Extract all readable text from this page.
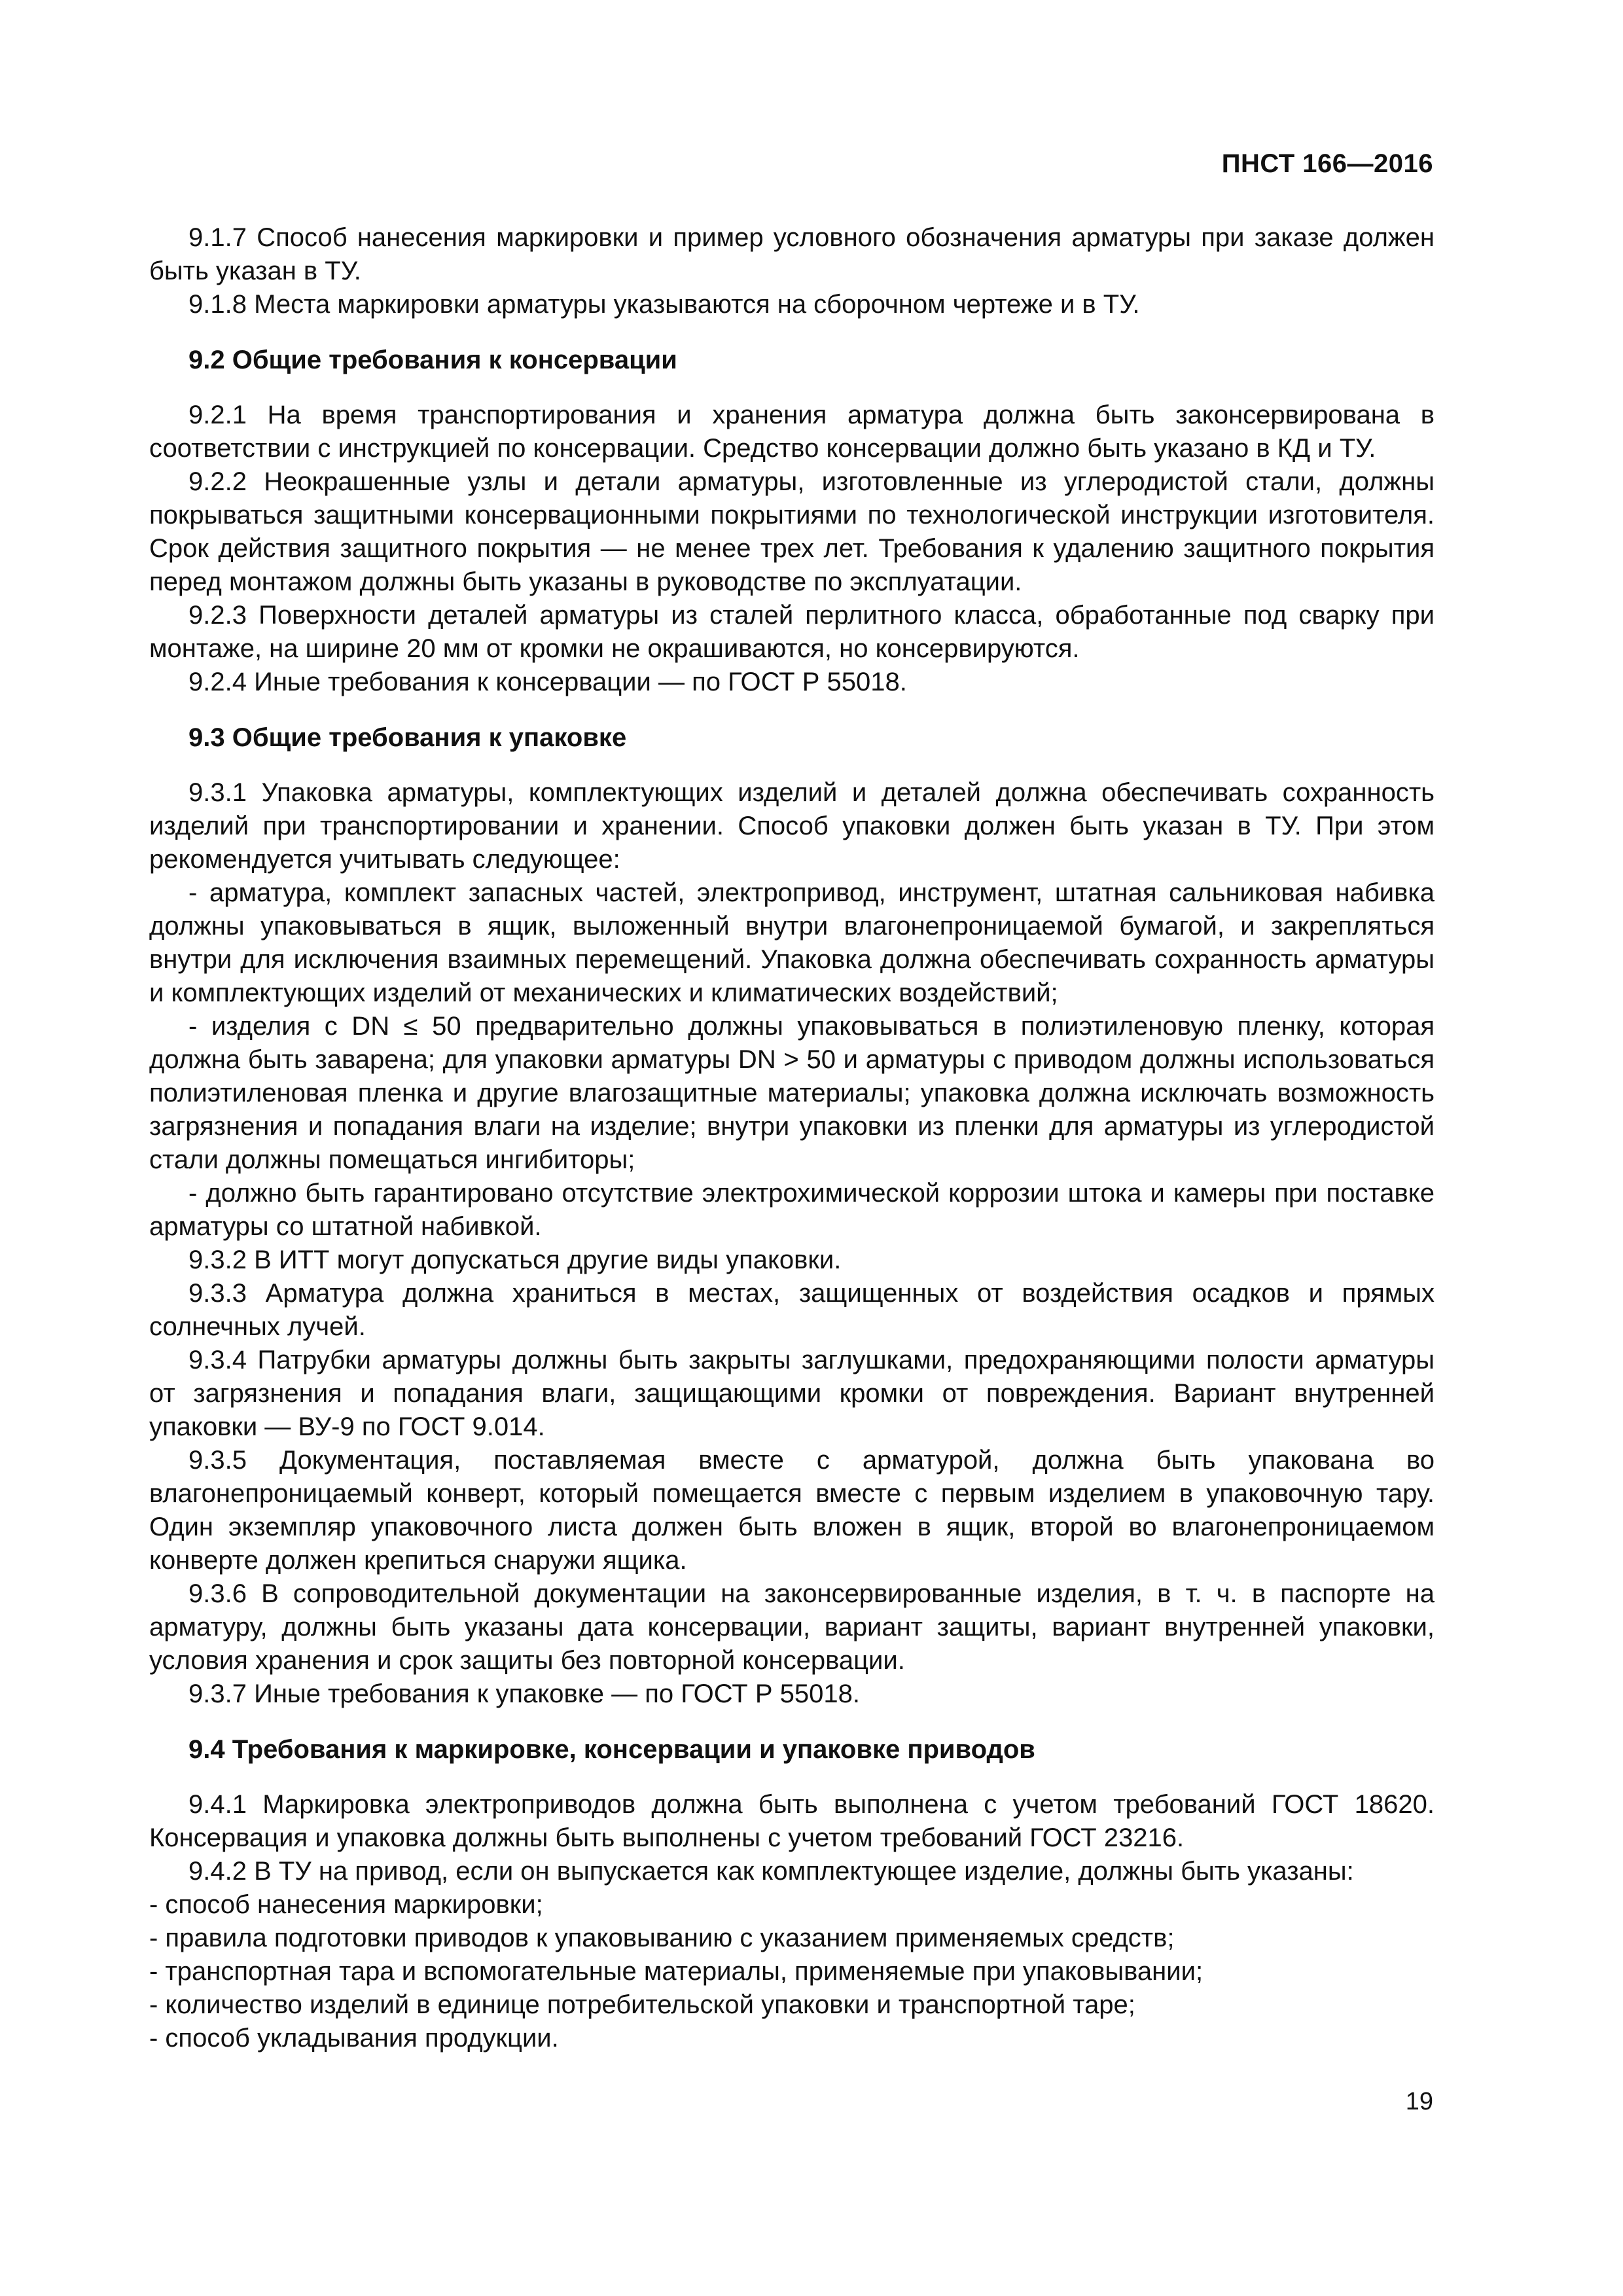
ПНСТ 166—2016

9.1.7 Способ нанесения маркировки и пример условного обозначения арматуры при заказе должен быть указан в ТУ.

9.1.8 Места маркировки арматуры указываются на сборочном чертеже и в ТУ.

9.2 Общие требования к консервации

9.2.1 На время транспортирования и хранения арматура должна быть законсервирована в соответствии с инструкцией по консервации. Средство консервации должно быть указано в КД и ТУ.

9.2.2 Неокрашенные узлы и детали арматуры, изготовленные из углеродистой стали, должны покрываться защитными консервационными покрытиями по технологической инструкции изготовителя. Срок действия защитного покрытия — не менее трех лет. Требования к удалению защитного покрытия перед монтажом должны быть указаны в руководстве по эксплуатации.

9.2.3 Поверхности деталей арматуры из сталей перлитного класса, обработанные под сварку при монтаже, на ширине 20 мм от кромки не окрашиваются, но консервируются.

9.2.4 Иные требования к консервации — по ГОСТ Р 55018.

9.3 Общие требования к упаковке

9.3.1 Упаковка арматуры, комплектующих изделий и деталей должна обеспечивать сохранность изделий при транспортировании и хранении. Способ упаковки должен быть указан в ТУ. При этом рекомендуется учитывать следующее:

- арматура, комплект запасных частей, электропривод, инструмент, штатная сальниковая набивка должны упаковываться в ящик, выложенный внутри влагонепроницаемой бумагой, и закрепляться внутри для исключения взаимных перемещений. Упаковка должна обеспечивать сохранность арматуры и комплектующих изделий от механических и климатических воздействий;

- изделия с DN ≤ 50 предварительно должны упаковываться в полиэтиленовую пленку, которая должна быть заварена; для упаковки арматуры DN > 50 и арматуры с приводом должны использоваться полиэтиленовая пленка и другие влагозащитные материалы; упаковка должна исключать возможность загрязнения и попадания влаги на изделие; внутри упаковки из пленки для арматуры из углеродистой стали должны помещаться ингибиторы;

- должно быть гарантировано отсутствие электрохимической коррозии штока и камеры при поставке арматуры со штатной набивкой.

9.3.2 В ИТТ могут допускаться другие виды упаковки.

9.3.3 Арматура должна храниться в местах, защищенных от воздействия осадков и прямых солнечных лучей.

9.3.4 Патрубки арматуры должны быть закрыты заглушками, предохраняющими полости арматуры от загрязнения и попадания влаги, защищающими кромки от повреждения. Вариант внутренней упаковки — ВУ-9 по ГОСТ 9.014.

9.3.5 Документация, поставляемая вместе с арматурой, должна быть упакована во влагонепроницаемый конверт, который помещается вместе с первым изделием в упаковочную тару. Один экземпляр упаковочного листа должен быть вложен в ящик, второй во влагонепроницаемом конверте должен крепиться снаружи ящика.

9.3.6 В сопроводительной документации на законсервированные изделия, в т. ч. в паспорте на арматуру, должны быть указаны дата консервации, вариант защиты, вариант внутренней упаковки, условия хранения и срок защиты без повторной консервации.

9.3.7 Иные требования к упаковке — по ГОСТ Р 55018.

9.4 Требования к маркировке, консервации и упаковке приводов

9.4.1 Маркировка электроприводов должна быть выполнена с учетом требований ГОСТ 18620. Консервация и упаковка должны быть выполнены с учетом требований ГОСТ 23216.

9.4.2 В ТУ на привод, если он выпускается как комплектующее изделие, должны быть указаны:

- способ нанесения маркировки;

- правила подготовки приводов к упаковыванию с указанием применяемых средств;

- транспортная тара и вспомогательные материалы, применяемые при упаковывании;

- количество изделий в единице потребительской упаковки и транспортной таре;

- способ укладывания продукции.

19
